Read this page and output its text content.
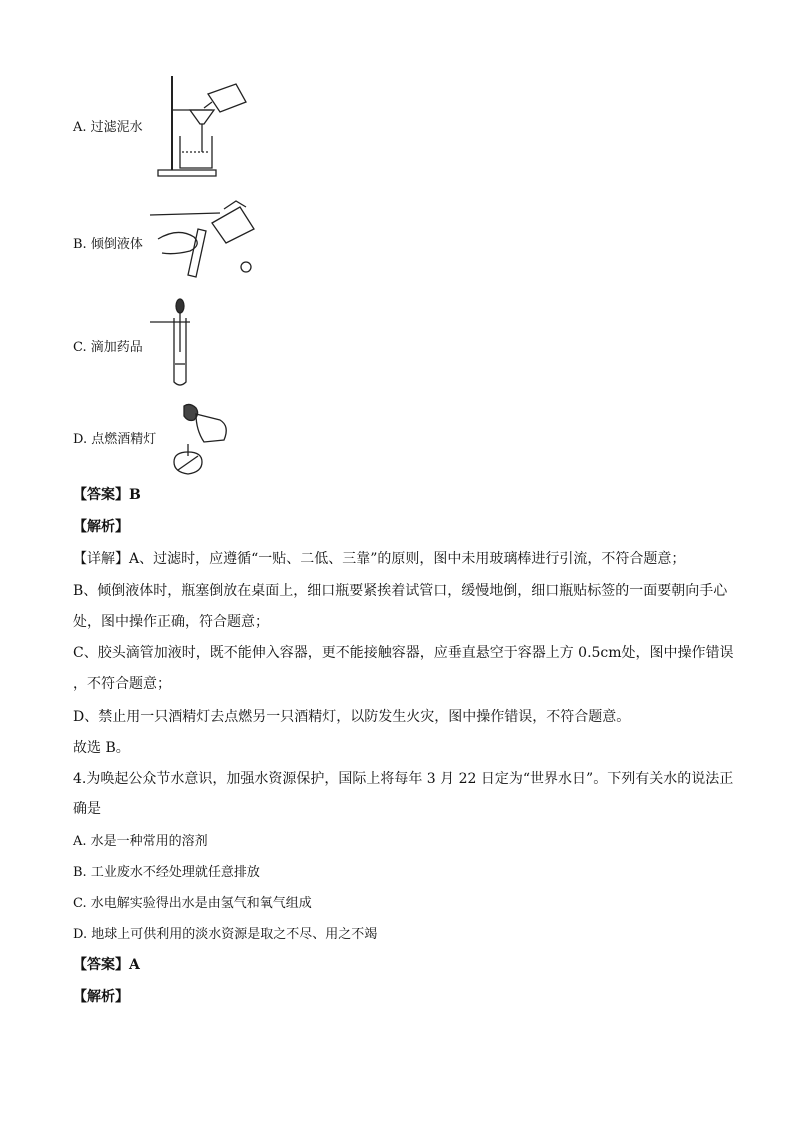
A. 过滤泥水
B. 倾倒液体
C. 滴加药品
D. 点燃酒精灯
【答案】B
【解析】
【详解】A、过滤时，应遵循“一贴、二低、三靠”的原则，图中未用玻璃棒进行引流，不符合题意；
B、倾倒液体时，瓶塞倒放在桌面上，细口瓶要紧挨着试管口，缓慢地倒，细口瓶贴标签的一面要朝向手心
处，图中操作正确，符合题意；
C、胶头滴管加液时，既不能伸入容器，更不能接触容器，应垂直悬空于容器上方 0.5cm处，图中操作错误
，不符合题意；
D、禁止用一只酒精灯去点燃另一只酒精灯，以防发生火灾，图中操作错误，不符合题意。
故选 B。
4.为唤起公众节水意识，加强水资源保护，国际上将每年 3 月 22 日定为“世界水日”。下列有关水的说法正
确是
A. 水是一种常用的溶剂
B. 工业废水不经处理就任意排放
C. 水电解实验得出水是由氢气和氧气组成
D. 地球上可供利用的淡水资源是取之不尽、用之不竭
【答案】A
【解析】
